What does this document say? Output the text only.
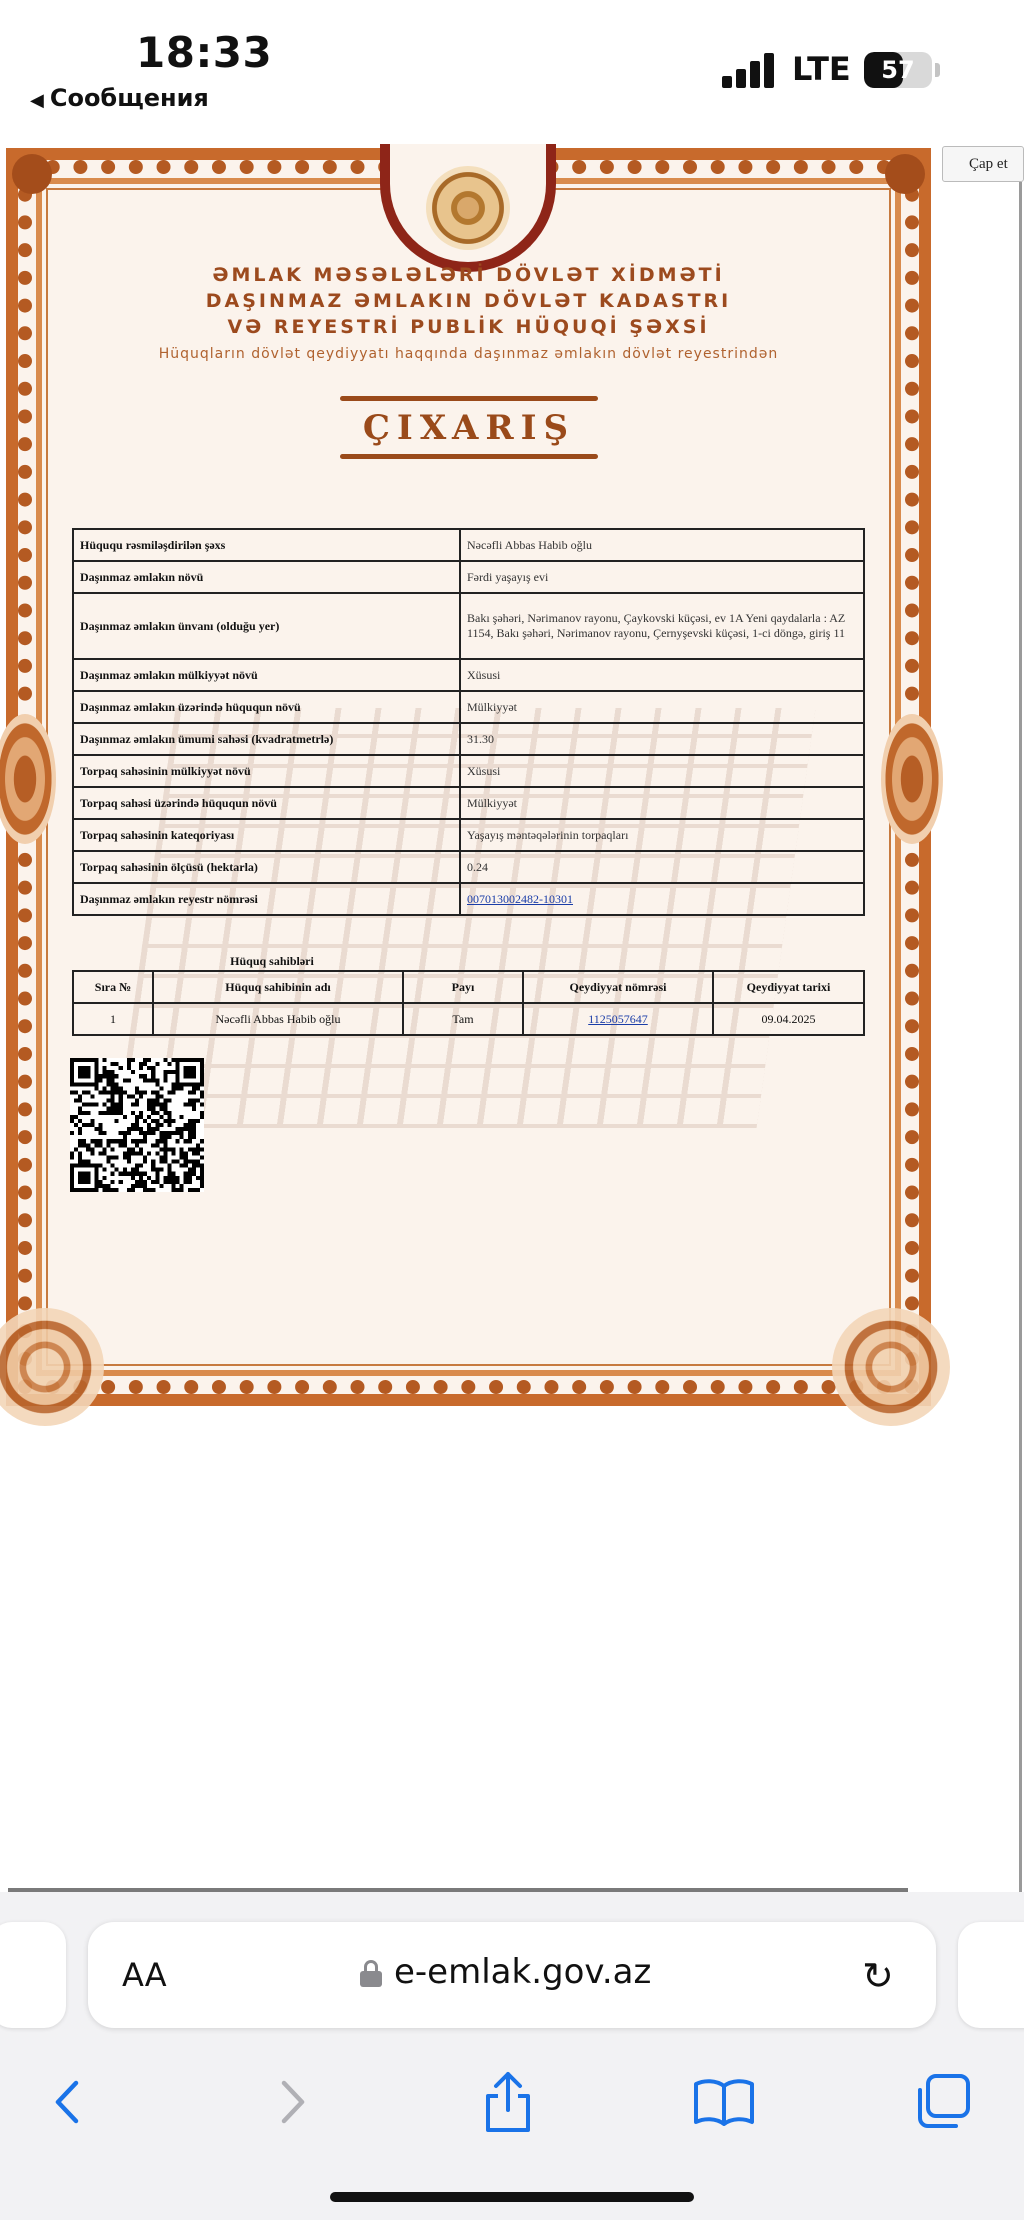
18:33
◀ Сообщения
LTE	57
Çap et
ƏMLAK MƏSƏLƏLƏRİ DÖVLƏT XİDMƏTİ
DAŞINMAZ ƏMLAKIN DÖVLƏT KADASTRI
VƏ REYESTRİ PUBLİK HÜQUQİ ŞƏXSİ
Hüquqların dövlət qeydiyyatı haqqında daşınmaz əmlakın dövlət reyestrindən
ÇIXARIŞ
Hüququ rəsmiləşdirilən şəxs	Nəcəfli Abbas Habib oğlu
Daşınmaz əmlakın növü	Fərdi yaşayış evi
Daşınmaz əmlakın ünvanı (olduğu yer)	Bakı şəhəri, Nərimanov rayonu, Çaykovski küçəsi, ev 1A Yeni qaydalarla : AZ 1154, Bakı şəhəri, Nərimanov rayonu, Çernyşevski küçəsi, 1-ci döngə, giriş 11
Daşınmaz əmlakın mülkiyyət növü	Xüsusi
Daşınmaz əmlakın üzərində hüququn növü	Mülkiyyət
Daşınmaz əmlakın ümumi sahəsi (kvadratmetrlə)	31.30
Torpaq sahəsinin mülkiyyət növü	Xüsusi
Torpaq sahəsi üzərində hüququn növü	Mülkiyyət
Torpaq sahəsinin kateqoriyası	Yaşayış məntəqələrinin torpaqları
Torpaq sahəsinin ölçüsü (hektarla)	0.24
Daşınmaz əmlakın reyestr nömrəsi	007013002482-10301
Hüquq sahibləri
Sıra №	Hüquq sahibinin adı	Payı	Qeydiyyat nömrəsi	Qeydiyyat tarixi
1	Nəcəfli Abbas Habib oğlu	Tam	1125057647	09.04.2025
AA	e-emlak.gov.az	↻
